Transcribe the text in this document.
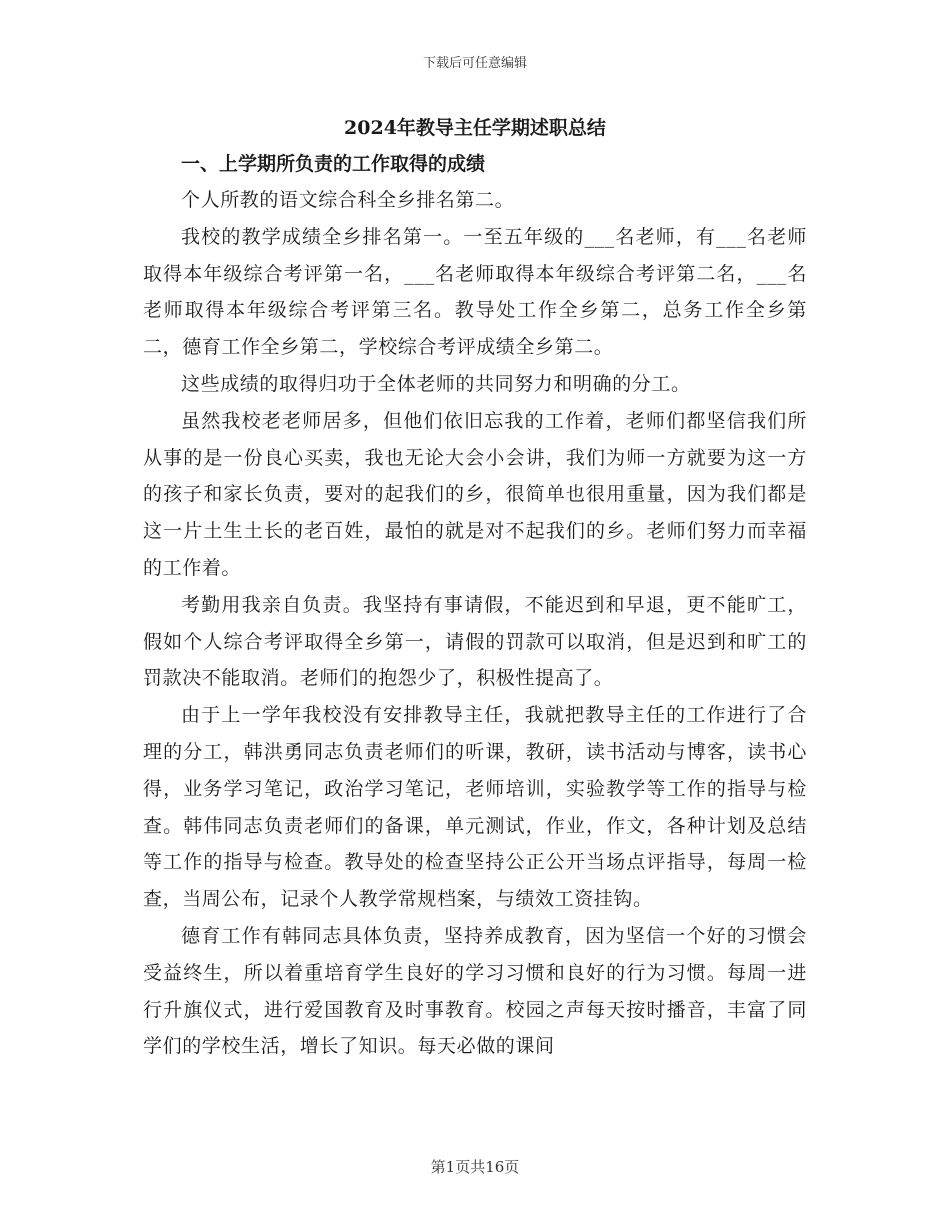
下载后可任意编辑
2024年教导主任学期述职总结
一、上学期所负责的工作取得的成绩

个人所教的语文综合科全乡排名第二。

我校的教学成绩全乡排名第一。一至五年级的___名老师，有___名老师取得本年级综合考评第一名，___名老师取得本年级综合考评第二名，___名老师取得本年级综合考评第三名。教导处工作全乡第二，总务工作全乡第二，德育工作全乡第二，学校综合考评成绩全乡第二。

这些成绩的取得归功于全体老师的共同努力和明确的分工。

虽然我校老老师居多，但他们依旧忘我的工作着，老师们都坚信我们所从事的是一份良心买卖，我也无论大会小会讲，我们为师一方就要为这一方的孩子和家长负责，要对的起我们的乡，很简单也很用重量，因为我们都是这一片土生土长的老百姓，最怕的就是对不起我们的乡。老师们努力而幸福的工作着。

考勤用我亲自负责。我坚持有事请假，不能迟到和早退，更不能旷工，假如个人综合考评取得全乡第一，请假的罚款可以取消，但是迟到和旷工的罚款决不能取消。老师们的抱怨少了，积极性提高了。

由于上一学年我校没有安排教导主任，我就把教导主任的工作进行了合理的分工，韩洪勇同志负责老师们的听课，教研，读书活动与博客，读书心得，业务学习笔记，政治学习笔记，老师培训，实验教学等工作的指导与检查。韩伟同志负责老师们的备课，单元测试，作业，作文，各种计划及总结等工作的指导与检查。教导处的检查坚持公正公开当场点评指导，每周一检查，当周公布，记录个人教学常规档案，与绩效工资挂钩。

德育工作有韩同志具体负责，坚持养成教育，因为坚信一个好的习惯会受益终生，所以着重培育学生良好的学习习惯和良好的行为习惯。每周一进行升旗仪式，进行爱国教育及时事教育。校园之声每天按时播音，丰富了同学们的学校生活，增长了知识。每天必做的课间

第1页共16页
